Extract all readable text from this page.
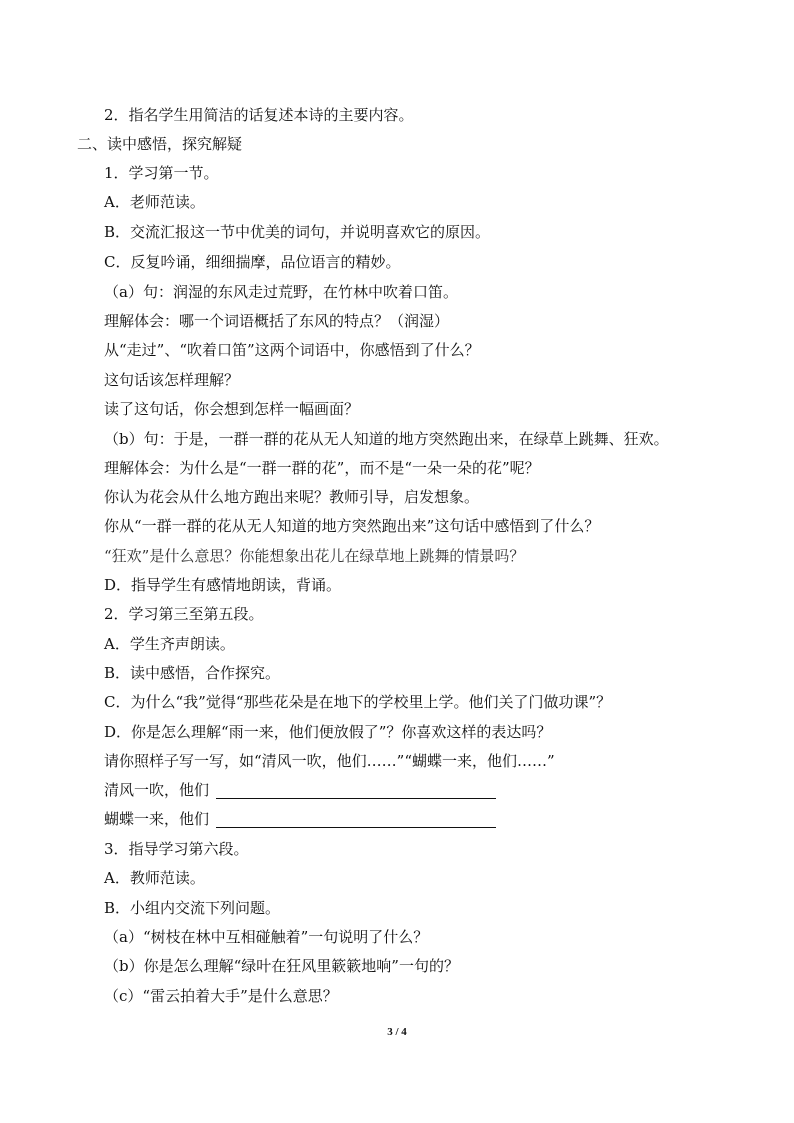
2．指名学生用简洁的话复述本诗的主要内容。
二、读中感悟，探究解疑
1．学习第一节。
A．老师范读。
B．交流汇报这一节中优美的词句，并说明喜欢它的原因。
C．反复吟诵，细细揣摩，品位语言的精妙。
（a）句：润湿的东风走过荒野，在竹林中吹着口笛。
理解体会：哪一个词语概括了东风的特点？（润湿）
从“走过”、“吹着口笛”这两个词语中，你感悟到了什么？
这句话该怎样理解？
读了这句话，你会想到怎样一幅画面？
（b）句：于是，一群一群的花从无人知道的地方突然跑出来，在绿草上跳舞、狂欢。
理解体会：为什么是“一群一群的花”，而不是“一朵一朵的花”呢？
你认为花会从什么地方跑出来呢？教师引导，启发想象。
你从“一群一群的花从无人知道的地方突然跑出来”这句话中感悟到了什么？
“狂欢”是什么意思？你能想象出花儿在绿草地上跳舞的情景吗？
D．指导学生有感情地朗读，背诵。
2．学习第三至第五段。
A．学生齐声朗读。
B．读中感悟，合作探究。
C．为什么“我”觉得“那些花朵是在地下的学校里上学。他们关了门做功课”？
D．你是怎么理解“雨一来，他们便放假了”？你喜欢这样的表达吗？
请你照样子写一写，如“清风一吹，他们……”“蝴蝶一来，他们……”
清风一吹，他们
蝴蝶一来，他们
3．指导学习第六段。
A．教师范读。
B．小组内交流下列问题。
（a）“树枝在林中互相碰触着”一句说明了什么？
（b）你是怎么理解“绿叶在狂风里簌簌地响”一句的？
（c）“雷云拍着大手”是什么意思？
3 / 4
